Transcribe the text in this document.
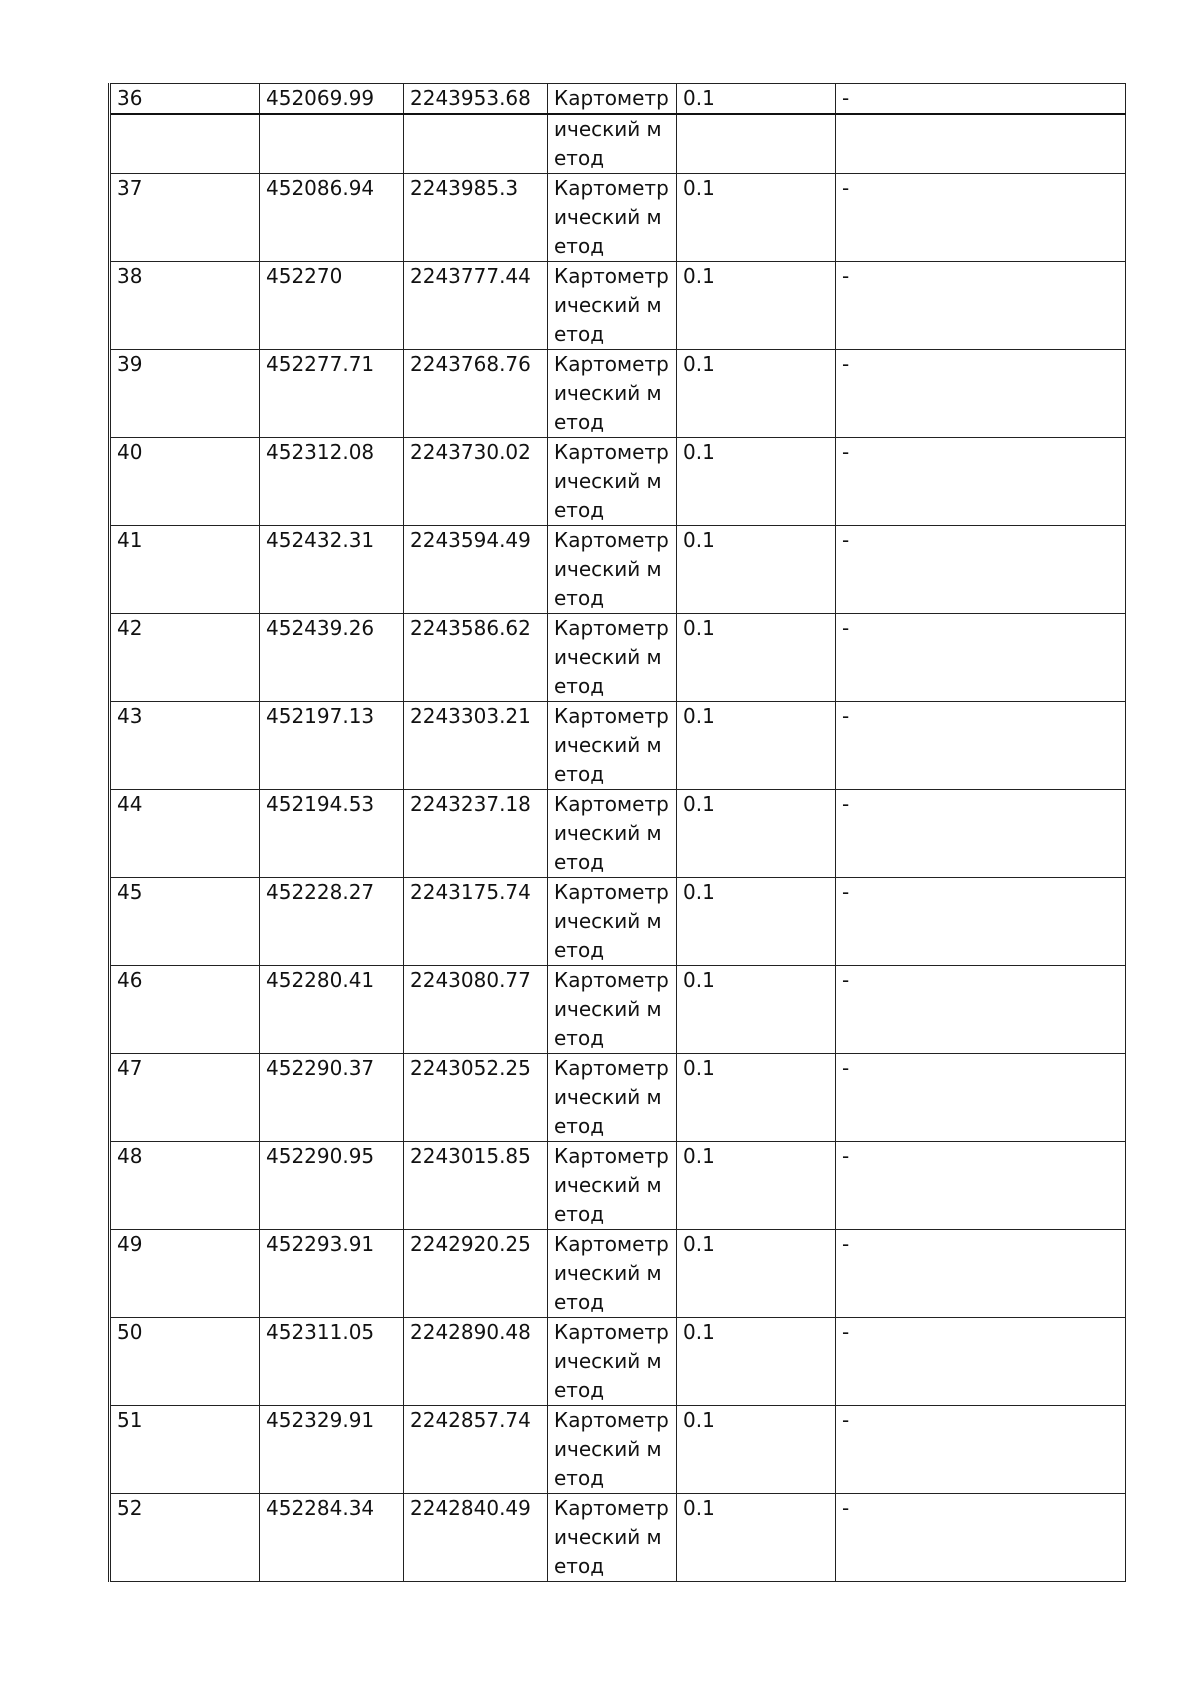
36	452069.99	2243953.68	Картометр	0.1	-
			ический метод		
37	452086.94	2243985.3	Картометрический метод	0.1	-
38	452270	2243777.44	Картометрический метод	0.1	-
39	452277.71	2243768.76	Картометрический метод	0.1	-
40	452312.08	2243730.02	Картометрический метод	0.1	-
41	452432.31	2243594.49	Картометрический метод	0.1	-
42	452439.26	2243586.62	Картометрический метод	0.1	-
43	452197.13	2243303.21	Картометрический метод	0.1	-
44	452194.53	2243237.18	Картометрический метод	0.1	-
45	452228.27	2243175.74	Картометрический метод	0.1	-
46	452280.41	2243080.77	Картометрический метод	0.1	-
47	452290.37	2243052.25	Картометрический метод	0.1	-
48	452290.95	2243015.85	Картометрический метод	0.1	-
49	452293.91	2242920.25	Картометрический метод	0.1	-
50	452311.05	2242890.48	Картометрический метод	0.1	-
51	452329.91	2242857.74	Картометрический метод	0.1	-
52	452284.34	2242840.49	Картометрический метод	0.1	-
